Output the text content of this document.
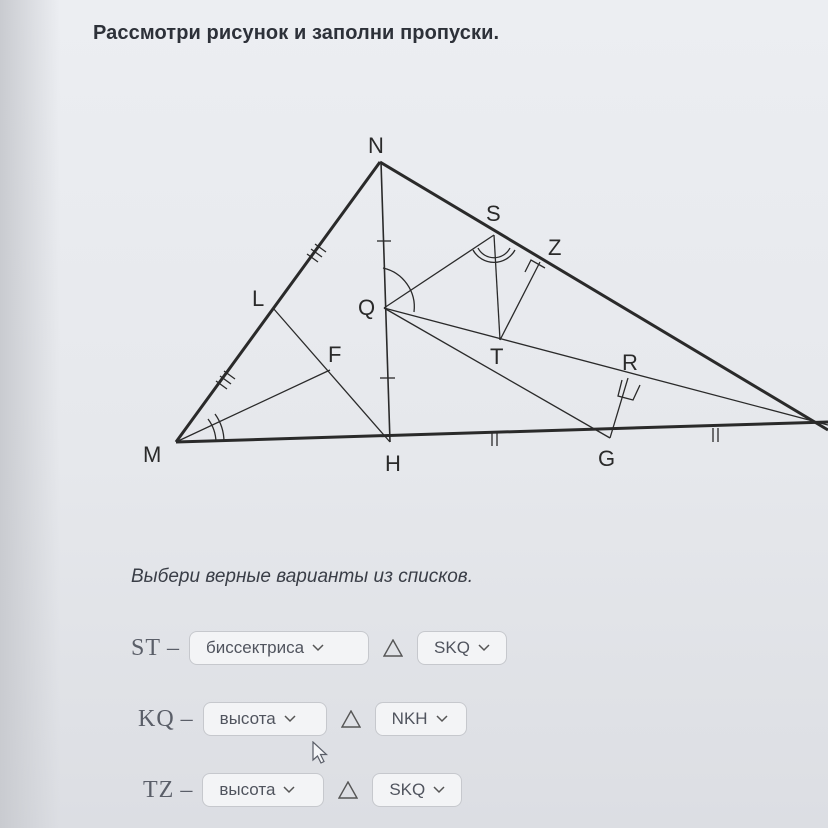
Рассмотри рисунок и заполни пропуски.
N
S
Z
L	Q
F	T	R
M	H	G
Выбери верные варианты из списков.
ST – биссектриса	SKQ
KQ – высота	NKH
TZ – высота	SKQ
